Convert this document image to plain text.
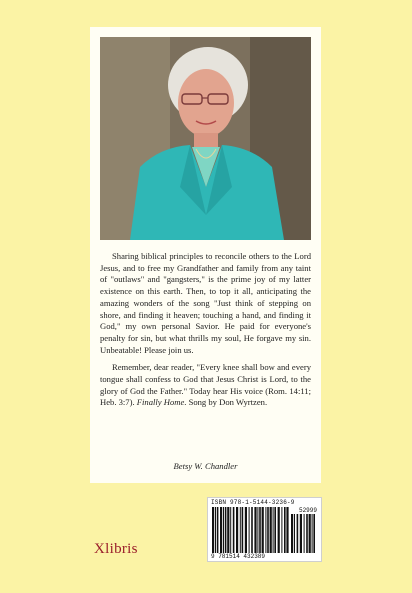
Sharing biblical principles to reconcile others to the Lord Jesus, and to free my Grandfather and family from any taint of "outlaws" and "gangsters," is the prime joy of my latter existence on this earth. Then, to top it all, anticipating the amazing wonders of the song "Just think of stepping on shore, and finding it heaven; touching a hand, and finding it God," my own personal Savior. He paid for everyone's penalty for sin, but what thrills my soul, He forgave my sin. Unbeatable! Please join us.

Remember, dear reader, "Every knee shall bow and every tongue shall confess to God that Jesus Christ is Lord, to the glory of God the Father." Today hear His voice (Rom. 14:11; Heb. 3:7). Finally Home. Song by Don Wyrtzen.

Betsy W. Chandler
ISBN 978-1-5144-3236-9
52999
9 781514 432389
Xlibris
